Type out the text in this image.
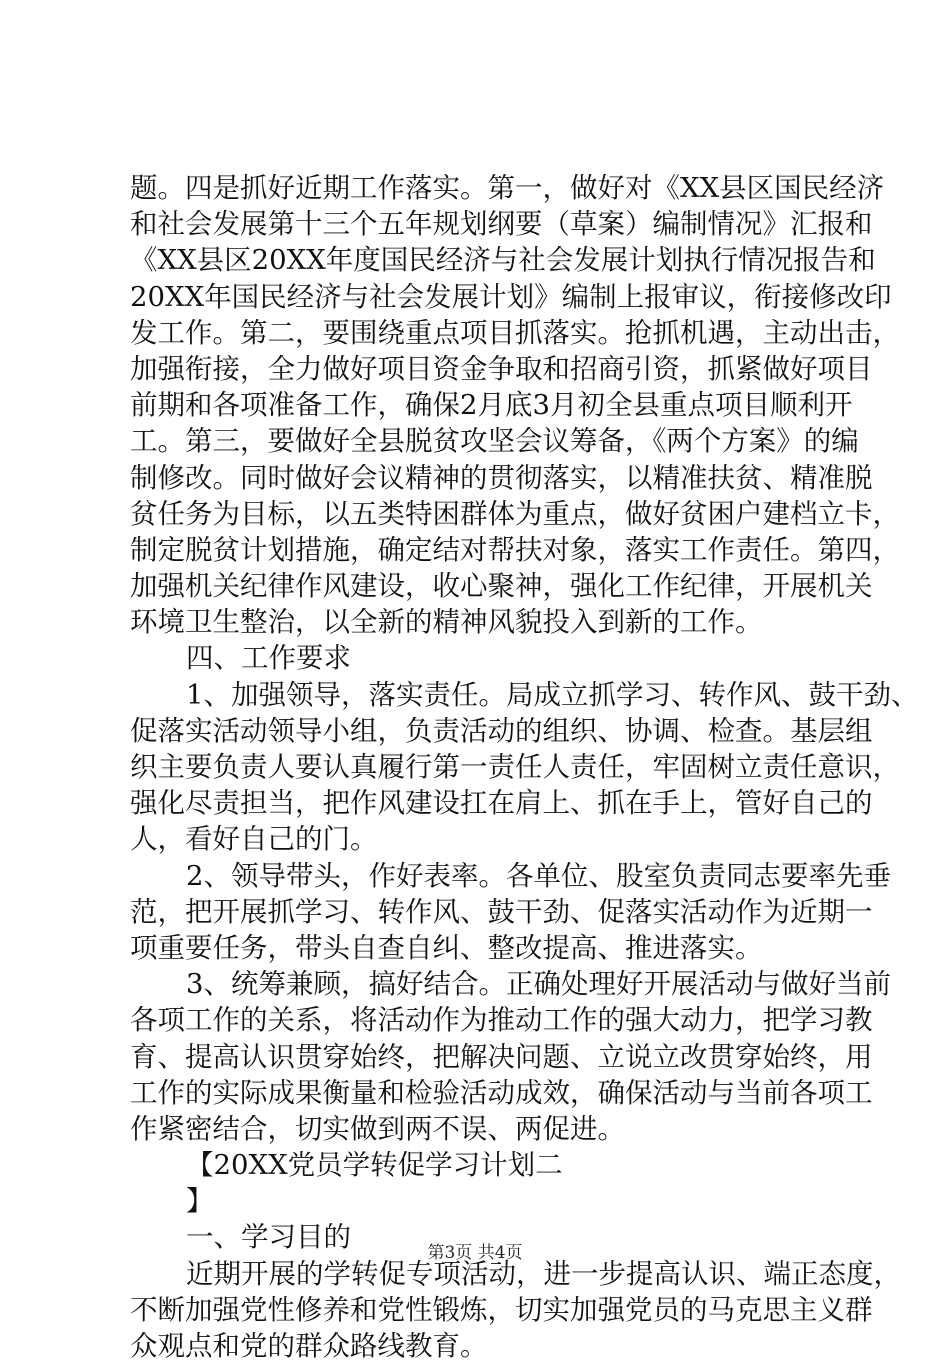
题。四是抓好近期工作落实。第一，做好对《XX县区国民经济
和社会发展第十三个五年规划纲要（草案）编制情况》汇报和
《XX县区20XX年度国民经济与社会发展计划执行情况报告和
20XX年国民经济与社会发展计划》编制上报审议，衔接修改印
发工作。第二，要围绕重点项目抓落实。抢抓机遇，主动出击，
加强衔接，全力做好项目资金争取和招商引资，抓紧做好项目
前期和各项准备工作，确保2月底3月初全县重点项目顺利开
工。第三，要做好全县脱贫攻坚会议筹备，《两个方案》的编
制修改。同时做好会议精神的贯彻落实，以精准扶贫、精准脱
贫任务为目标，以五类特困群体为重点，做好贫困户建档立卡，
制定脱贫计划措施，确定结对帮扶对象，落实工作责任。第四，
加强机关纪律作风建设，收心聚神，强化工作纪律，开展机关
环境卫生整治，以全新的精神风貌投入到新的工作。
四、工作要求
1、加强领导，落实责任。局成立抓学习、转作风、鼓干劲、
促落实活动领导小组，负责活动的组织、协调、检查。基层组
织主要负责人要认真履行第一责任人责任，牢固树立责任意识，
强化尽责担当，把作风建设扛在肩上、抓在手上，管好自己的
人，看好自己的门。
2、领导带头，作好表率。各单位、股室负责同志要率先垂
范，把开展抓学习、转作风、鼓干劲、促落实活动作为近期一
项重要任务，带头自查自纠、整改提高、推进落实。
3、统筹兼顾，搞好结合。正确处理好开展活动与做好当前
各项工作的关系，将活动作为推动工作的强大动力，把学习教
育、提高认识贯穿始终，把解决问题、立说立改贯穿始终，用
工作的实际成果衡量和检验活动成效，确保活动与当前各项工
作紧密结合，切实做到两不误、两促进。
【20XX党员学转促学习计划二
】
一、学习目的
近期开展的学转促专项活动，进一步提高认识、端正态度，
不断加强党性修养和党性锻炼，切实加强党员的马克思主义群
众观点和党的群众路线教育。
第3页 共4页
